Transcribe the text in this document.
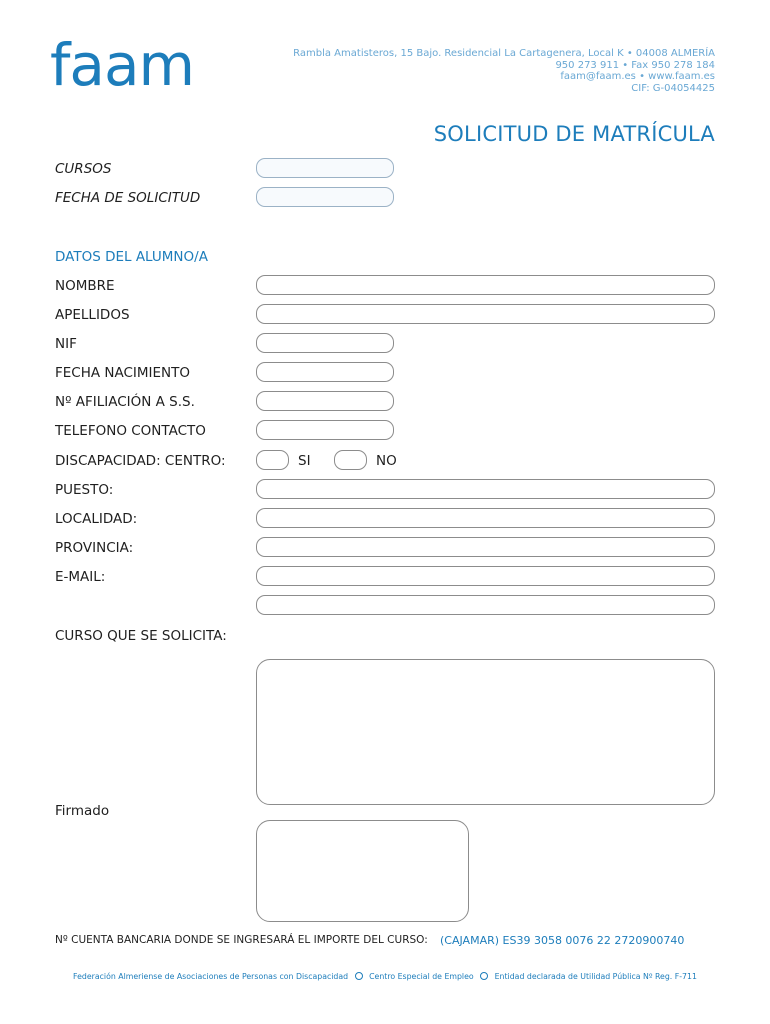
faam	Rambla Amatisteros, 15 Bajo. Residencial La Cartagenera, Local K • 04008 ALMERÍA
950 273 911 • Fax 950 278 184
faam@faam.es • www.faam.es
CIF: G-04054425
SOLICITUD DE MATRÍCULA
CURSOS
FECHA DE SOLICITUD
DATOS DEL ALUMNO/A
NOMBRE
APELLIDOS
NIF
FECHA NACIMIENTO
Nº AFILIACIÓN A S.S.
TELEFONO CONTACTO
DISCAPACIDAD: CENTRO:	SI	NO
PUESTO:
LOCALIDAD:
PROVINCIA:
E-MAIL:
CURSO QUE SE SOLICITA:
Firmado
Nº CUENTA BANCARIA DONDE SE INGRESARÁ EL IMPORTE DEL CURSO: (CAJAMAR) ES39 3058 0076 22 2720900740
Federación Almeriense de Asociaciones de Personas con Discapacidad	Centro Especial de Empleo	Entidad declarada de Utilidad Pública Nº Reg. F-711
